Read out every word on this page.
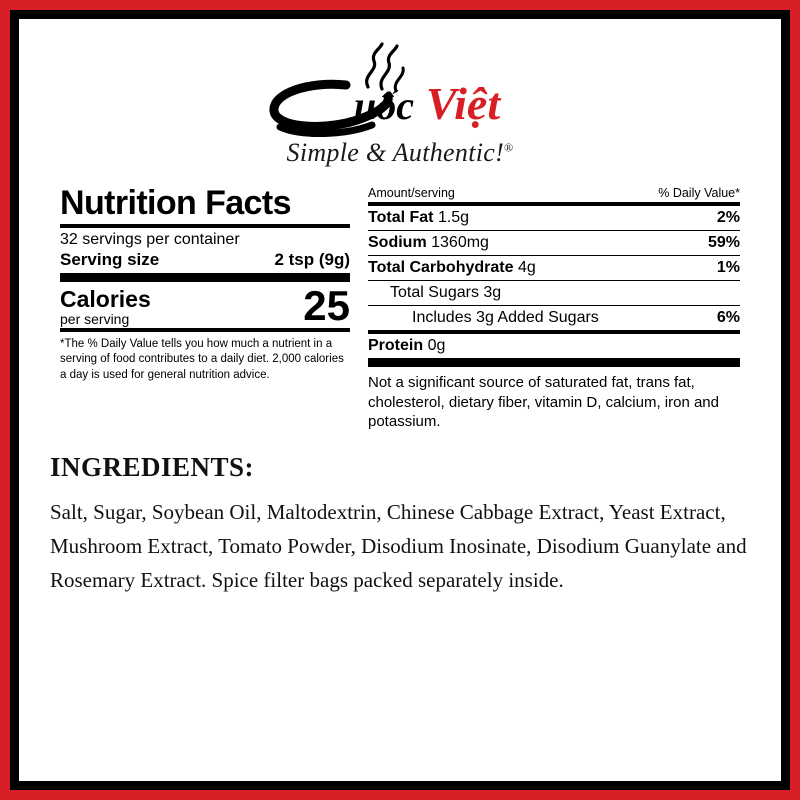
uốc Việt
Simple & Authentic!®
Nutrition Facts
32 servings per container
Serving size	2 tsp (9g)
Calories
per serving	25
*The % Daily Value tells you how much a nutrient in a serving of food contributes to a daily diet. 2,000 calories a day is used for general nutrition advice.
Amount/serving	% Daily Value*
Total Fat 1.5g	2%
Sodium 1360mg	59%
Total Carbohydrate 4g	1%
Total Sugars 3g
Includes 3g Added Sugars	6%
Protein 0g
Not a significant source of saturated fat, trans fat, cholesterol, dietary fiber, vitamin D, calcium, iron and potassium.
INGREDIENTS:
Salt, Sugar, Soybean Oil, Maltodextrin, Chinese Cabbage Extract, Yeast Extract, Mushroom Extract, Tomato Powder, Disodium Inosinate, Disodium Guanylate and Rosemary Extract. Spice filter bags packed separately inside.
